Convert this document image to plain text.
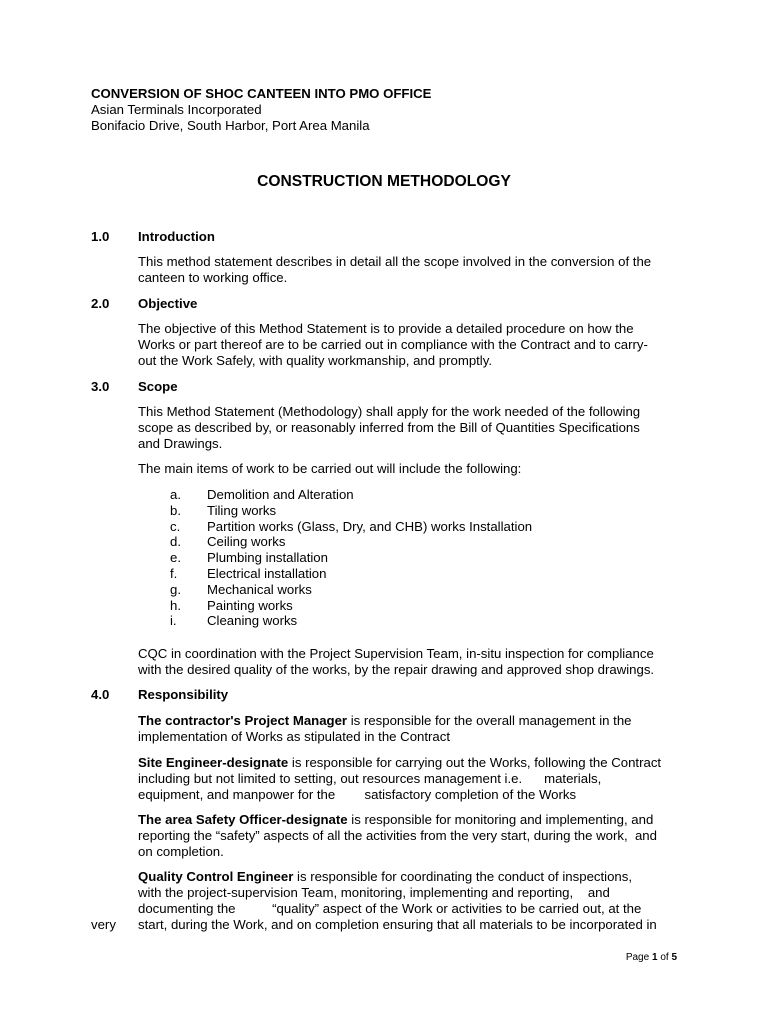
CONVERSION OF SHOC CANTEEN INTO PMO OFFICE
Asian Terminals Incorporated
Bonifacio Drive, South Harbor, Port Area Manila
CONSTRUCTION METHODOLOGY
1.0 Introduction
This method statement describes in detail all the scope involved in the conversion of the
canteen to working office.
2.0 Objective
The objective of this Method Statement is to provide a detailed procedure on how the
Works or part thereof are to be carried out in compliance with the Contract and to carry-
out the Work Safely, with quality workmanship, and promptly.
3.0 Scope
This Method Statement (Methodology) shall apply for the work needed of the following
scope as described by, or reasonably inferred from the Bill of Quantities Specifications
and Drawings.
The main items of work to be carried out will include the following:
a. Demolition and Alteration
b. Tiling works
c. Partition works (Glass, Dry, and CHB) works Installation
d. Ceiling works
e. Plumbing installation
f. Electrical installation
g. Mechanical works
h. Painting works
i. Cleaning works
CQC in coordination with the Project Supervision Team, in-situ inspection for compliance
with the desired quality of the works, by the repair drawing and approved shop drawings.
4.0 Responsibility
The contractor's Project Manager is responsible for the overall management in the
implementation of Works as stipulated in the Contract
Site Engineer-designate is responsible for carrying out the Works, following the Contract
including but not limited to setting, out resources management i.e.      materials,
equipment, and manpower for the        satisfactory completion of the Works
The area Safety Officer-designate is responsible for monitoring and implementing, and
reporting the “safety” aspects of all the activities from the very start, during the work,  and
on completion.
Quality Control Engineer is responsible for coordinating the conduct of inspections,
with the project-supervision Team, monitoring, implementing and reporting,    and
documenting the          “quality” aspect of the Work or activities to be carried out, at the
start, during the Work, and on completion ensuring that all materials to be incorporated in
very
Page 1 of 5
